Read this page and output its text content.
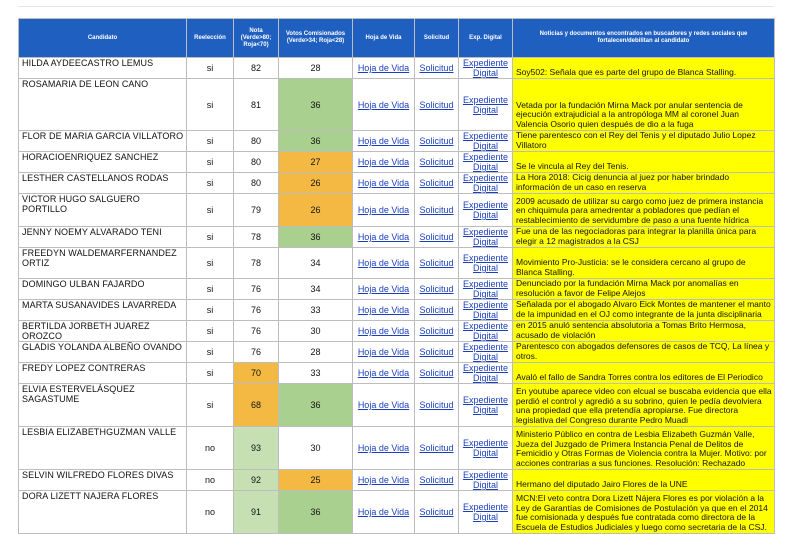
Candidato	Reelección	Nota (Verde>80; Roja<70)	Votos Comisionados (Verde>34; Roja<28)	Hoja de Vida	Solicitud	Exp. Digital	Noticias y documentos encontrados en buscadores y redes sociales que fortalecen/debilitan al candidato
HILDA AYDEECASTRO LEMUS	si	82	28	Hoja de Vida	Solicitud	Expediente Digital	Soy502: Señala que es parte del grupo de Blanca Stalling.
ROSAMARIA DE LEON CANO	si	81	36	Hoja de Vida	Solicitud	Expediente Digital	Vetada por la fundación Mirna Mack por anular sentencia de ejecución extrajudicial a la antropóloga MM al coronel Juan Valencia Osorio quien después de dio a la fuga
FLOR DE MARIA GARCIA VILLATORO	si	80	36	Hoja de Vida	Solicitud	Expediente Digital	Tiene parentesco con el Rey del Tenis y el diputado Julio Lopez Villatoro
HORACIOENRIQUEZ SANCHEZ	si	80	27	Hoja de Vida	Solicitud	Expediente Digital	Se le vincula al Rey del Tenis.
LESTHER CASTELLANOS RODAS	si	80	26	Hoja de Vida	Solicitud	Expediente Digital	La Hora 2018: Cicig denuncia al juez por haber brindado información de un caso en reserva
VICTOR HUGO SALGUERO PORTILLO	si	79	26	Hoja de Vida	Solicitud	Expediente Digital	2009 acusado de utilizar su cargo como juez de primera instancia en chiquimula para amedrentar a pobladores que pedían el restablecimiento de servidumbre de paso a una fuente hídrica
JENNY NOEMY ALVARADO TENI	si	78	36	Hoja de Vida	Solicitud	Expediente Digital	Fue una de las negociadoras para integrar la planilla única para elegir a 12 magistrados a la CSJ
FREEDYN WALDEMARFERNANDEZ ORTIZ	si	78	34	Hoja de Vida	Solicitud	Expediente Digital	Movimiento Pro-Justicia: se le considera cercano al grupo de Blanca Stalling.
DOMINGO ULBAN FAJARDO	si	76	34	Hoja de Vida	Solicitud	Expediente Digital	Denunciado por la fundación Mirna Mack por anomalías en resolución a favor de Felipe Alejos
MARTA SUSANAVIDES LAVARREDA	si	76	33	Hoja de Vida	Solicitud	Expediente Digital	Señalada por el abogado Alvaro Eick Montes de mantener el manto de la impunidad en el OJ como integrante de la junta disciplinaria
BERTILDA JORBETH JUAREZ OROZCO	si	76	30	Hoja de Vida	Solicitud	Expediente Digital	en 2015 anuló sentencia absolutoria a Tomas Brito Hermosa, acusado de violación
GLADIS YOLANDA ALBEÑO OVANDO	si	76	28	Hoja de Vida	Solicitud	Expediente Digital	Parentesco con abogados defensores de casos de TCQ, La línea y otros.
FREDY LOPEZ CONTRERAS	si	70	33	Hoja de Vida	Solicitud	Expediente Digital	Avaló el fallo de Sandra Torres contra los editores de El Periodico
ELVIA ESTERVELÁSQUEZ SAGASTUME	si	68	36	Hoja de Vida	Solicitud	Expediente Digital	En youtube aparece video con elcual se buscaba evidencia que ella perdió el control y agredió a su sobrino, quien le pedía devolviera una propiedad que ella pretendía apropiarse. Fue directora legislativa del Congreso durante Pedro Muadi
LESBIA ELIZABETHGUZMAN VALLE	no	93	30	Hoja de Vida	Solicitud	Expediente Digital	Ministerio Público en contra de Lesbia Elizabeth Guzmán Valle, Jueza del Juzgado de Primera Instancia Penal de Delitos de Femicidio y Otras Formas de Violencia contra la Mujer. Motivo: por acciones contrarias a sus funciones. Resolución: Rechazado
SELVIN WILFREDO FLORES DIVAS	no	92	25	Hoja de Vida	Solicitud	Expediente Digital	Hermano del diputado Jairo Flores de la UNE
DORA LIZETT NAJERA FLORES	no	91	36	Hoja de Vida	Solicitud	Expediente Digital	MCN:El veto contra Dora Lizett Nájera Flores es por violación a la Ley de Garantías de Comisiones de Postulación ya que en el 2014 fue comisionada y después fue contratada como directora de la Escuela de Estudios Judiciales y luego como secretaria de la CSJ.
